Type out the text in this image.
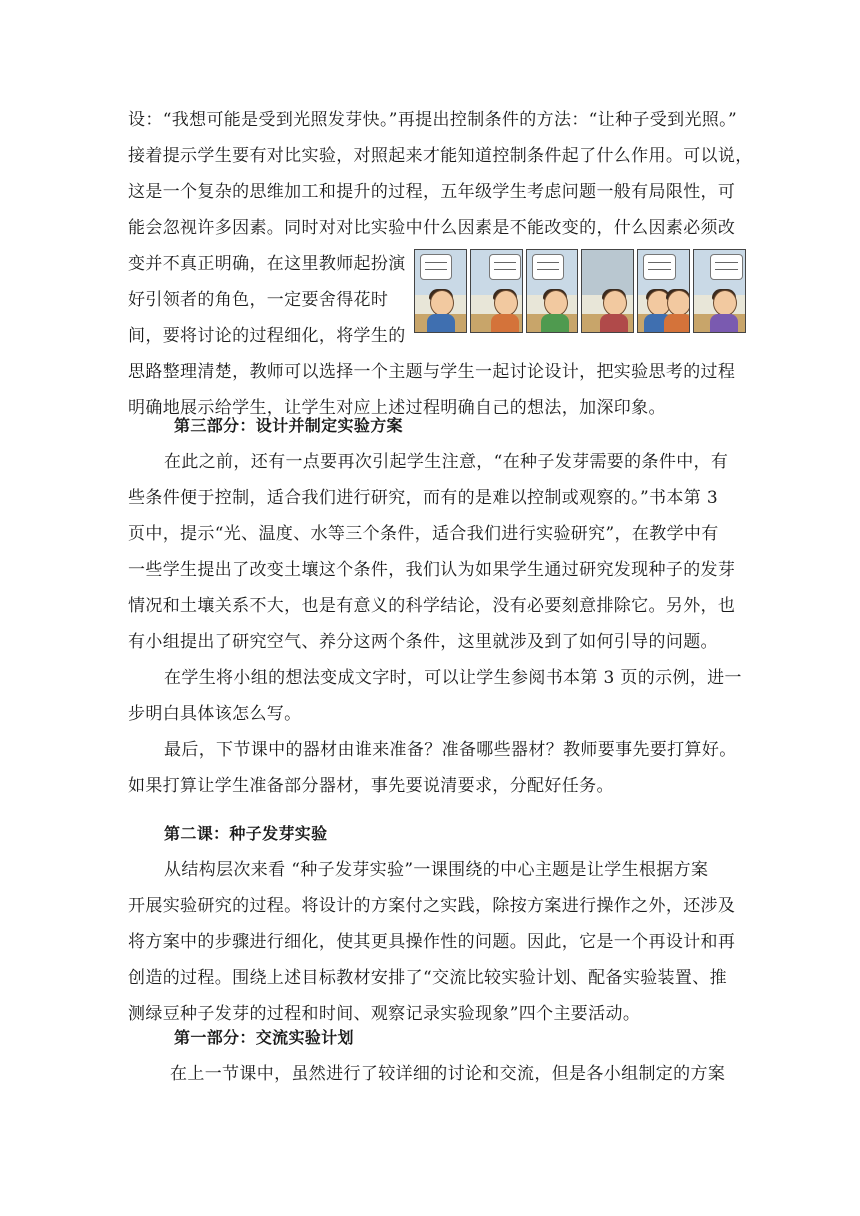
设：“我想可能是受到光照发芽快。”再提出控制条件的方法：“让种子受到光照。”
接着提示学生要有对比实验，对照起来才能知道控制条件起了什么作用。可以说，
这是一个复杂的思维加工和提升的过程，五年级学生考虑问题一般有局限性，可
能会忽视许多因素。同时对对比实验中什么因素是不能改变的，什么因素必须改
变并不真正明确，在这里教师起扮演
好引领者的角色，一定要舍得花时
间，要将讨论的过程细化，将学生的
思路整理清楚，教师可以选择一个主题与学生一起讨论设计，把实验思考的过程
明确地展示给学生，让学生对应上述过程明确自己的想法，加深印象。
第三部分：设计并制定实验方案
在此之前，还有一点要再次引起学生注意，“在种子发芽需要的条件中，有
些条件便于控制，适合我们进行研究，而有的是难以控制或观察的。”书本第 3
页中，提示“光、温度、水等三个条件，适合我们进行实验研究”，在教学中有
一些学生提出了改变土壤这个条件，我们认为如果学生通过研究发现种子的发芽
情况和土壤关系不大，也是有意义的科学结论，没有必要刻意排除它。另外，也
有小组提出了研究空气、养分这两个条件，这里就涉及到了如何引导的问题。
在学生将小组的想法变成文字时，可以让学生参阅书本第 3 页的示例，进一
步明白具体该怎么写。
最后，下节课中的器材由谁来准备？准备哪些器材？教师要事先要打算好。
如果打算让学生准备部分器材，事先要说清要求，分配好任务。
第二课：种子发芽实验
从结构层次来看 “种子发芽实验”一课围绕的中心主题是让学生根据方案
开展实验研究的过程。将设计的方案付之实践，除按方案进行操作之外，还涉及
将方案中的步骤进行细化，使其更具操作性的问题。因此，它是一个再设计和再
创造的过程。围绕上述目标教材安排了“交流比较实验计划、配备实验装置、推
测绿豆种子发芽的过程和时间、观察记录实验现象”四个主要活动。
第一部分：交流实验计划
在上一节课中，虽然进行了较详细的讨论和交流，但是各小组制定的方案
